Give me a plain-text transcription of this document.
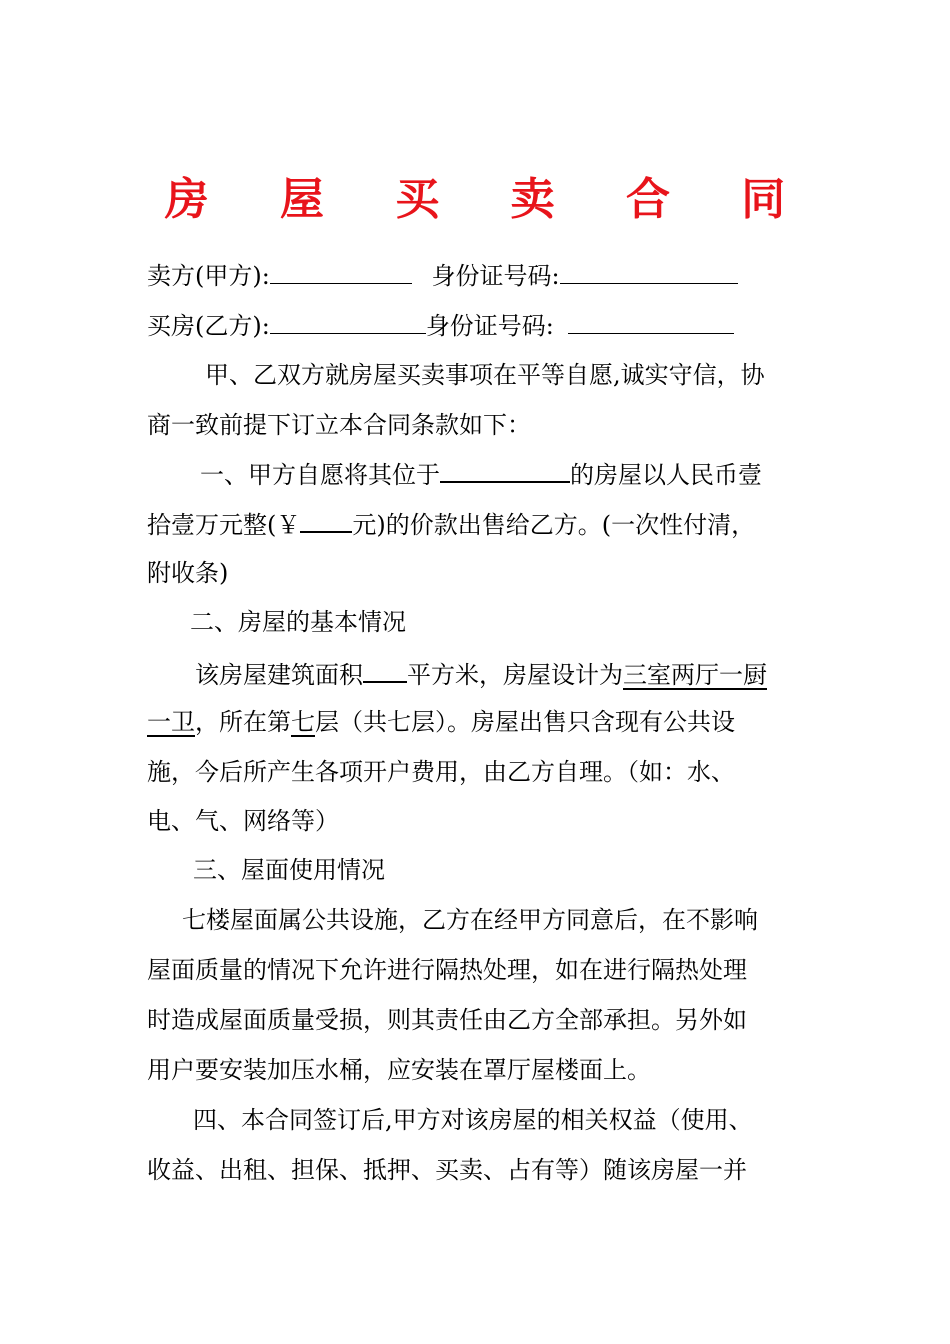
房 屋 买 卖 合 同
卖方(甲方):	身份证号码:
买房(乙方):	身份证号码:
甲、乙双方就房屋买卖事项在平等自愿,诚实守信，协
商一致前提下订立本合同条款如下：
一、甲方自愿将其位于	的房屋以人民币壹
拾壹万元整(￥ 元)的价款出售给乙方。(一次性付清，
附收条)
二、房屋的基本情况
该房屋建筑面积 平方米，房屋设计为三室两厅一厨
一卫，所在第七层（共七层）。房屋出售只含现有公共设
施，今后所产生各项开户费用，由乙方自理。（如：水、
电、气、网络等）
三、屋面使用情况
七楼屋面属公共设施，乙方在经甲方同意后，在不影响
屋面质量的情况下允许进行隔热处理，如在进行隔热处理
时造成屋面质量受损，则其责任由乙方全部承担。另外如
用户要安装加压水桶，应安装在罩厅屋楼面上。
四、本合同签订后,甲方对该房屋的相关权益（使用、
收益、出租、担保、抵押、买卖、占有等）随该房屋一并
